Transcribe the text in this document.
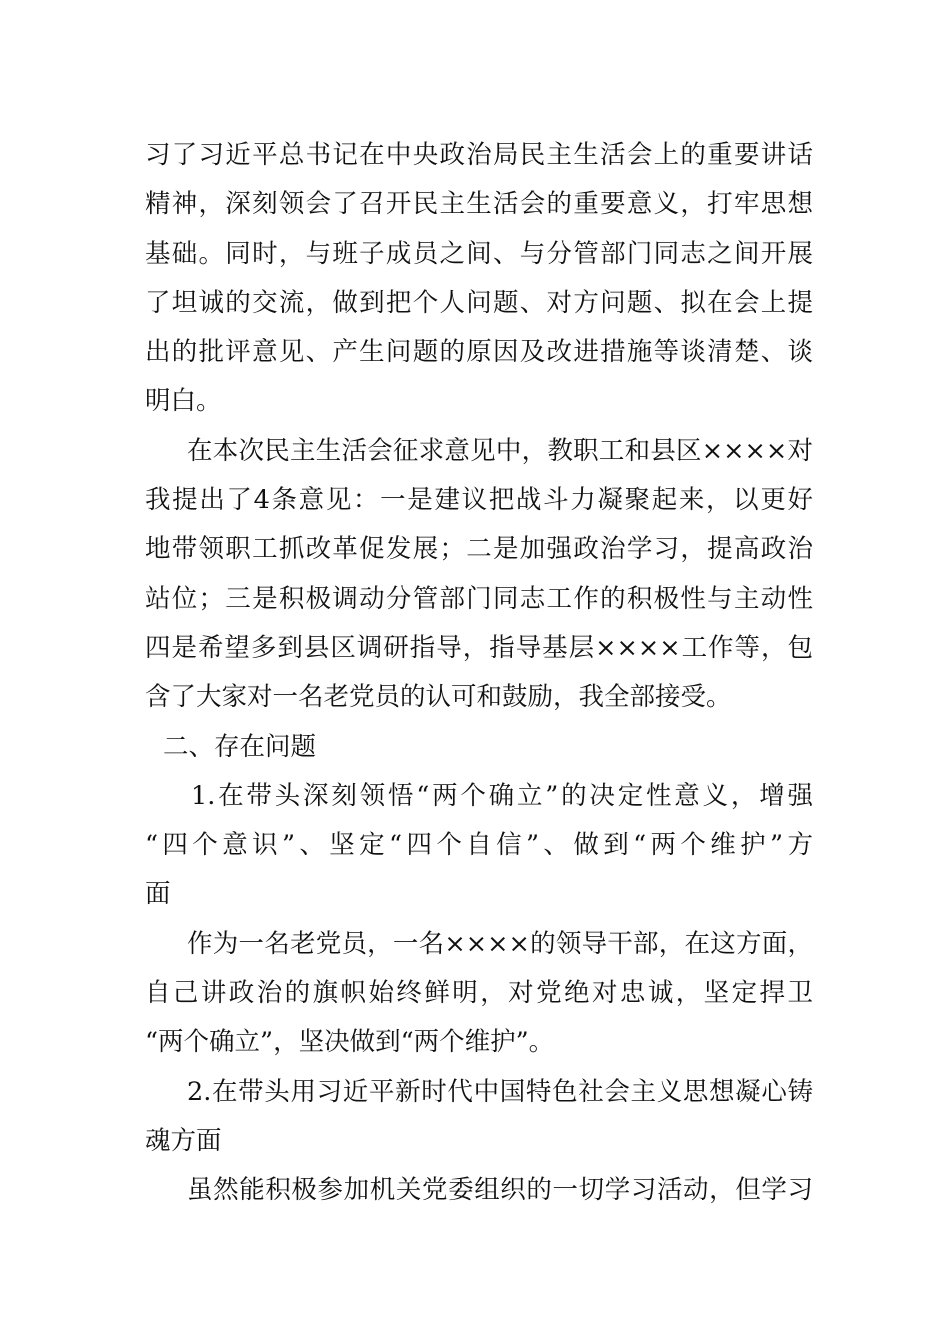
习了习近平总书记在中央政治局民主生活会上的重要讲话
精神，深刻领会了召开民主生活会的重要意义，打牢思想
基础。同时，与班子成员之间、与分管部门同志之间开展
了坦诚的交流，做到把个人问题、对方问题、拟在会上提
出的批评意见、产生问题的原因及改进措施等谈清楚、谈
明白。
在本次民主生活会征求意见中，教职工和县区××××对
我提出了4条意见：一是建议把战斗力凝聚起来，以更好
地带领职工抓改革促发展；二是加强政治学习，提高政治
站位；三是积极调动分管部门同志工作的积极性与主动性
四是希望多到县区调研指导，指导基层××××工作等，包
含了大家对一名老党员的认可和鼓励，我全部接受。
二、存在问题
1.在带头深刻领悟“两个确立”的决定性意义，增强
“四个意识”、坚定“四个自信”、做到“两个维护”方
面
作为一名老党员，一名××××的领导干部，在这方面，
自己讲政治的旗帜始终鲜明，对党绝对忠诚，坚定捍卫
“两个确立”，坚决做到“两个维护”。
2.在带头用习近平新时代中国特色社会主义思想凝心铸
魂方面
虽然能积极参加机关党委组织的一切学习活动，但学习
